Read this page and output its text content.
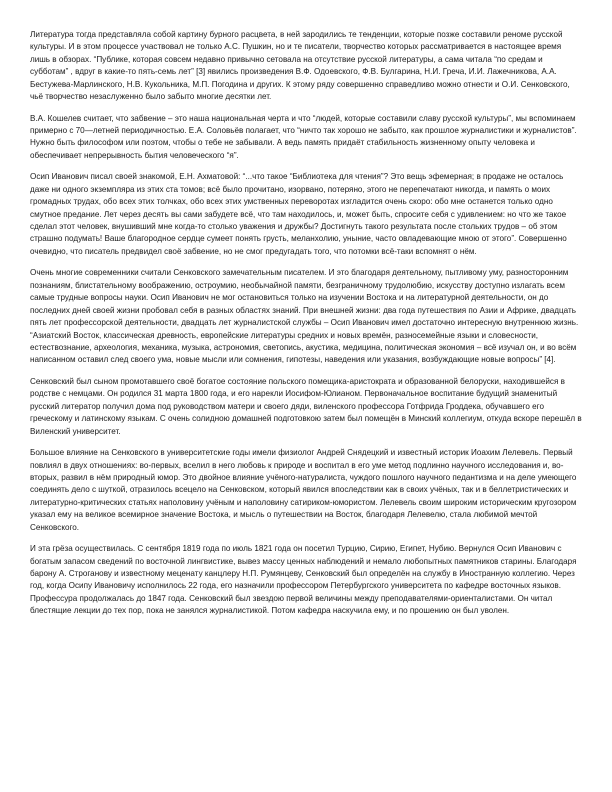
Литература тогда представляла собой картину бурного расцвета, в ней зародились те тенденции, которые позже составили реноме русской культуры. И в этом процессе участвовал не только А.С. Пушкин, но и те писатели, творчество которых рассматривается в настоящее время лишь в обзорах. “Публике, которая совсем недавно привычно сетовала на отсутствие русской литературы, а сама читала “по средам и субботам” , вдруг в какие-то пять-семь лет” [3] явились произведения В.Ф. Одоевского, Ф.В. Булгарина, Н.И. Греча, И.И. Лажечникова, А.А. Бестужева-Марлинского, Н.В. Кукольника, М.П. Погодина и других. К этому ряду совершенно справедливо можно отнести и О.И. Сенковского, чьё творчество незаслуженно было забыто многие десятки лет.

В.А. Кошелев считает, что забвение – это наша национальная черта и что “людей, которые составили славу русской культуры”, мы вспоминаем примерно с 70—летней периодичностью. Е.А. Соловьёв полагает, что “ничто так хорошо не забыто, как прошлое журналистики и журналистов”. Нужно быть философом или поэтом, чтобы о тебе не забывали. А ведь память придаёт стабильность жизненному опыту человека и обеспечивает непрерывность бытия человеческого “я”.

Осип Иванович писал своей знакомой, Е.Н. Ахматовой: “...что такое “Библиотека для чтения”? Это вещь эфемерная; в продаже не осталось даже ни одного экземпляра из этих ста томов; всё было прочитано, изорвано, потеряно, этого не перепечатают никогда, и память о моих громадных трудах, обо всех этих толчках, обо всех этих умственных переворотах изгладится очень скоро: обо мне останется только одно смутное предание. Лет через десять вы сами забудете всё, что там находилось, и, может быть, спросите себя с удивлением: но что же такое сделал этот человек, внушивший мне когда-то столько уважения и дружбы? Достигнуть такого результата после стольких трудов – об этом страшно подумать! Ваше благородное сердце сумеет понять грусть, меланхолию, уныние, часто овладевающие мною от этого”. Совершенно очевидно, что писатель предвидел своё забвение, но не смог предугадать того, что потомки всё-таки вспомнят о нём.

Очень многие современники считали Сенковского замечательным писателем. И это благодаря деятельному, пытливому уму, разносторонним познаниям, блистательному воображению, остроумию, необычайной памяти, безграничному трудолюбию, искусству доступно излагать всем самые трудные вопросы науки. Осип Иванович не мог остановиться только на изучении Востока и на литературной деятельности, он до последних дней своей жизни пробовал себя в разных областях знаний. При внешней жизни: два года путешествия по Азии и Африке, двадцать пять лет профессорской деятельности, двадцать лет журналистской службы – Осип Иванович имел достаточно интересную внутреннюю жизнь. “Азиатский Восток, классическая древность, европейские литературы средних и новых времён, разносемейные языки и словесности, естествознание, археология, механика, музыка, астрономия, светопись, акустика, медицина, политическая экономия – всё изучал он, и во всём написанном оставил след своего ума, новые мысли или сомнения, гипотезы, наведения или указания, возбуждающие новые вопросы” [4].

Сенковский был сыном промотавшего своё богатое состояние польского помещика-аристократа и образованной белоруски, находившейся в родстве с немцами. Он родился 31 марта 1800 года, и его нарекли Иосифом-Юлианом. Первоначальное воспитание будущий знаменитый русский литератор получил дома под руководством матери и своего дяди, виленского профессора Готфрида Гроддека, обучавшего его греческому и латинскому языкам. С очень солидною домашней подготовкою затем был помещён в Минский коллегиум, откуда вскоре перешёл в Виленский университет.

Большое влияние на Сенковского в университетские годы имели физиолог Андрей Снядецкий и известный историк Иоахим Лелевель. Первый повлиял в двух отношениях: во-первых, вселил в него любовь к природе и воспитал в его уме метод подлинно научного исследования и, во-вторых, развил в нём природный юмор. Это двойное влияние учёного-натуралиста, чуждого пошлого научного педантизма и на деле умеющего соединять дело с шуткой, отразилось всецело на Сенковском, который явился впоследствии как в своих учёных, так и в беллетристических и литературно-критических статьях наполовину учёным и наполовину сатириком-юмористом. Лелевель своим широким историческим кругозором указал ему на великое всемирное значение Востока, и мысль о путешествии на Восток, благодаря Лелевелю, стала любимой мечтой Сенковского.

И эта грёза осуществилась. С сентября 1819 года по июль 1821 года он посетил Турцию, Сирию, Египет, Нубию. Вернулся Осип Иванович с богатым запасом сведений по восточной лингвистике, вывез массу ценных наблюдений и немало любопытных памятников старины. Благодаря барону А. Строганову и известному меценату канцлеру Н.П. Румянцеву, Сенковский был определён на службу в Иностранную коллегию. Через год, когда Осипу Ивановичу исполнилось 22 года, его назначили профессором Петербургского университета по кафедре восточных языков. Профессура продолжалась до 1847 года. Сенковский был звездою первой величины между преподавателями-ориенталистами. Он читал блестящие лекции до тех пор, пока не занялся журналистикой. Потом кафедра наскучила ему, и по прошению он был уволен.
